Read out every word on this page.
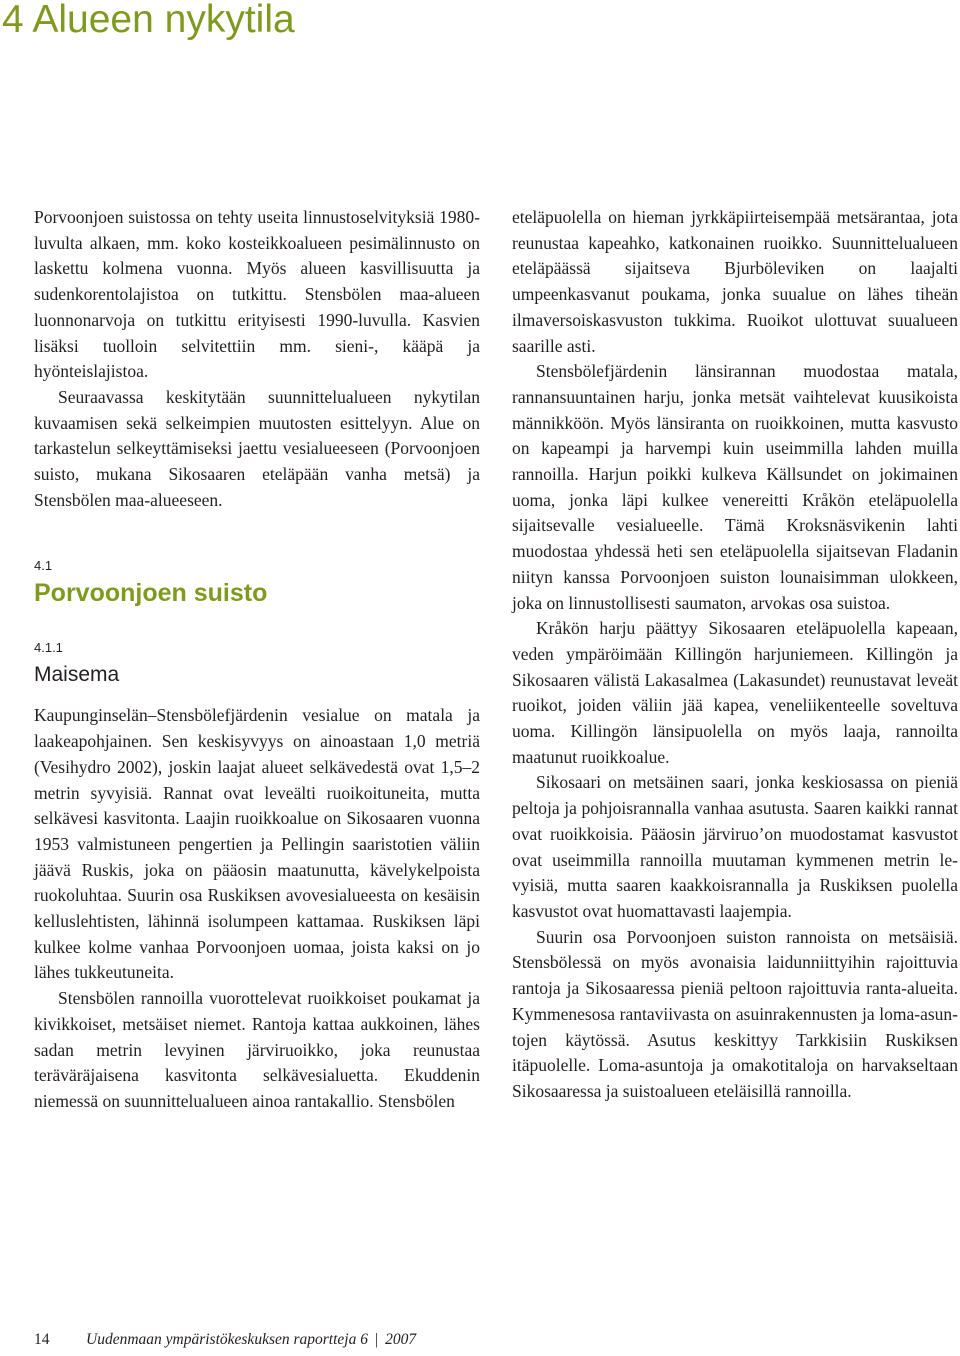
4 Alueen nykytila

Porvoonjoen suistossa on tehty useita linnustoselvityksiä 1980-luvulta alkaen, mm. koko kosteikkoalueen pesimälinnusto on laskettu kolmena vuonna. Myös alueen kasvillisuutta ja sudenkorentolajistoa on tutkittu. Stensbölen maa-alueen luonnonarvoja on tutkittu erityisesti 1990-luvulla. Kasvien lisäksi tuolloin selvitettiin mm. sieni-, kääpä ja hyönteislajistoa.

Seuraavassa keskitytään suunnittelualueen nykytilan kuvaamisen sekä selkeimpien muutosten esittelyyn. Alue on tarkastelun selkeyttämiseksi jaettu vesialueeseen (Porvoonjoen suisto, mukana Sikosaaren eteläpään vanha metsä) ja Stensbölen maa-alueeseen.

4.1

Porvoonjoen suisto

4.1.1

Maisema

Kaupunginselän–Stensbölefjärdenin vesialue on matala ja laakeapohjainen. Sen keskisyvyys on ainoastaan 1,0 metriä (Vesihydro 2002), joskin laajat alueet selkävedestä ovat 1,5–2 metrin syvyisiä. Rannat ovat leveälti ruoikoituneita, mutta selkävesi kasvitonta. Laajin ruoikkoalue on Sikosaaren vuonna 1953 valmistuneen pengertien ja Pellingin saaristotien väliin jäävä Ruskis, joka on pääosin maatunutta, kävelykelpoista ruokoluhtaa. Suurin osa Ruskiksen avovesialueesta on kesäisin kelluslehtisten, lähinnä isolumpeen kattamaa. Ruskiksen läpi kulkee kolme vanhaa Porvoonjoen uomaa, joista kaksi on jo lähes tukkeutuneita.

Stensbölen rannoilla vuorottelevat ruoikkoiset poukamat ja kivikkoiset, metsäiset niemet. Rantoja kattaa aukkoinen, lähes sadan metrin levyinen järviruoikko, joka reunustaa teräväräjaisena kasvitonta selkävesialuetta. Ekuddenin niemessä on suunnittelualueen ainoa rantakallio. Stensbölen

eteläpuolella on hieman jyrkkäpiirteisempää metsärantaa, jota reunustaa kapeahko, katkonainen ruoikko. Suunnittelualueen eteläpäässä sijaitseva Bjurböleviken on laajalti umpeenkasvanut poukama, jonka suualue on lähes tiheän ilmaversoiskasvuston tukkima. Ruoikot ulottuvat suualueen saarille asti.

Stensbölefjärdenin länsirannan muodostaa matala, rannansuuntainen harju, jonka metsät vaihtelevat kuusikoista männikköön. Myös länsiranta on ruoikkoinen, mutta kasvusto on kapeampi ja harvempi kuin useimmilla lahden muilla rannoilla. Harjun poikki kulkeva Källsundet on jokimainen uoma, jonka läpi kulkee venereitti Kråkön eteläpuolella sijaitsevalle vesialueelle. Tämä Kroksnäsvikenin lahti muodostaa yhdessä heti sen eteläpuolella sijaitsevan Fladanin niityn kanssa Porvoonjoen suiston lounaisimman ulokkeen, joka on linnustollisesti saumaton, arvokas osa suistoa.

Kråkön harju päättyy Sikosaaren eteläpuolella kapeaan, veden ympäröimään Killingön harjuniemeen. Killingön ja Sikosaaren välistä Lakasalmea (Lakasundet) reunustavat leveät ruoikot, joiden väliin jää kapea, veneliikenteelle soveltuva uoma. Killingön länsipuolella on myös laaja, rannoilta maatunut ruoikkoalue.

Sikosaari on metsäinen saari, jonka keskiosassa on pieniä peltoja ja pohjoisrannalla vanhaa asutusta. Saaren kaikki rannat ovat ruoikkoisia. Pääosin järviruo’on muodostamat kasvustot ovat useimmilla rannoilla muutaman kymmenen metrin levyisiä, mutta saaren kaakkoisrannalla ja Ruskiksen puolella kasvustot ovat huomattavasti laajempia.

Suurin osa Porvoonjoen suiston rannoista on metsäisiä. Stensbölessä on myös avonaisia laidunniittyihin rajoittuvia rantoja ja Sikosaaressa pieniä peltoon rajoittuvia ranta-alueita. Kymmenesosa rantaviivasta on asuinrakennusten ja loma-asuntojen käytössä. Asutus keskittyy Tarkkisiin Ruskiksen itäpuolelle. Loma-asuntoja ja omakotitaloja on harvakseltaan Sikosaaressa ja suistoalueen eteläisillä rannoilla.

14 Uudenmaan ympäristökeskuksen raportteja 6 | 2007
